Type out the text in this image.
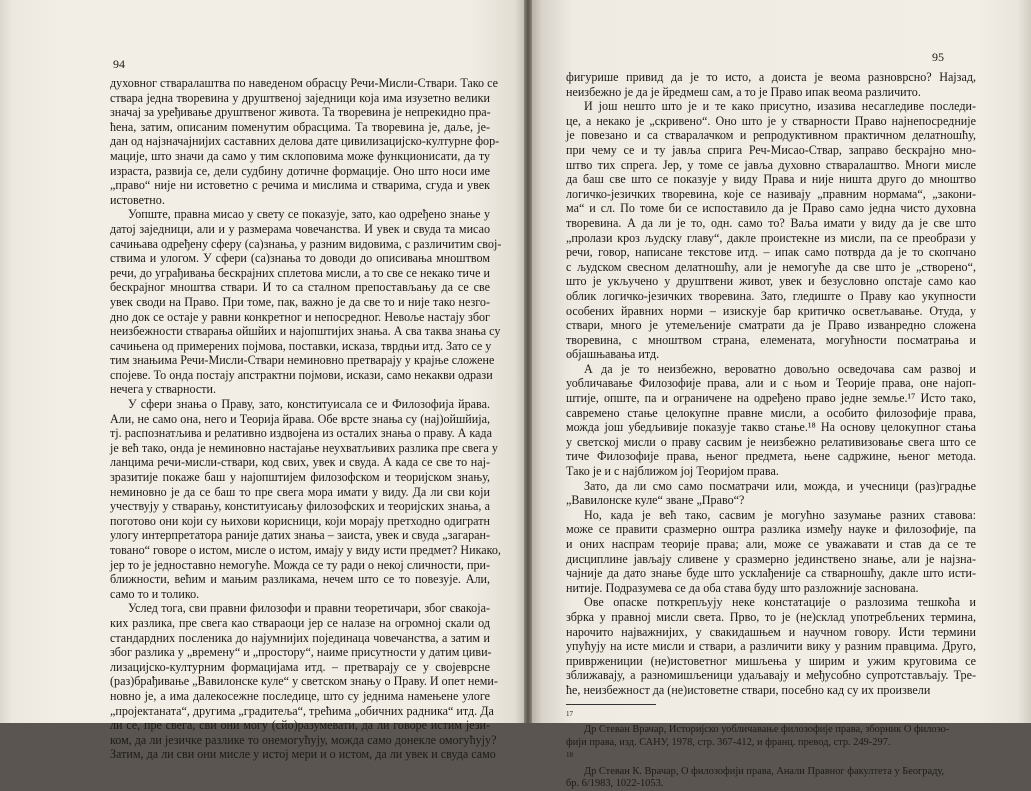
94
духовног стваралаштва по наведеном обрасцу Речи-Мисли-Ствари. Тако се
ствара једна творевина у друштвеној заједници која има изузетно велики
значај за уређивање друштвеног живота. Та творевина је непрекидно пра-
ћена, затим, описаним поменутим обрасцима. Та творевина је, даље, је-
дан од најзначајнијих саставних делова дате цивилизацијско-културне фор-
мације, што значи да само у тим склоповима може функционисати, да ту
израста, развија се, дели судбину дотичне формације. Оно што носи име
„право“ није ни истоветно с речима и мислима и стварима, сгуда и увек
истоветно.
Уопште, правна мисао у свету се показује, зато, као одређено знање у
датој заједници, али и у размерама човечанства. И увек и свуда та мисао
сачињава одређену сферу (са)знања, у разним видовима, с различитим свој-
ствима и улогом. У сфери (са)знања то доводи до описивања мноштвом
речи, до уграђивања бескрајних сплетова мисли, а то све се некако тиче и
бескрајног мноштва ствари. И то са сталном препостављању да се све
увек своди на Право. При томе, пак, важно је да све то и није тако незго-
дно док се остаје у равни конкретног и непосредног. Невоље настају због
неизбежности стварања ойшйих и најопштијих знања. А сва таква знања су
сачињена од примерених појмова, поставки, исказа, тврдњи итд. Зато се у
тим знањима Речи-Мисли-Ствари неминовно претварају у крајње сложене
спојеве. То онда постају апстрактни појмови, искази, само некакви одрази
нечега у стварности.
У сфери знања о Праву, зато, конституисала се и Филозофија йрава.
Али, не само она, него и Теорија йрава. Обе врсте знања су (нај)ойшйија,
тј. распознатљива и релативно издвојена из осталих знања о праву. А када
је већ тако, онда је неминовно настајање неухватљивих разлика пре свега у
ланцима речи-мисли-ствари, код свих, увек и свуда. А када се све то нај-
зразитије покаже баш у најопштијем филозофском и теоријском знању,
неминовно је да се баш то пре свега мора имати у виду. Да ли сви који
учествују у стварању, конституисању филозофских и теоријских знања, а
поготово они који су њихови корисници, који морају претходно одигратн
улогу интерпретатора раније датих знања – заиста, увек и свуда „загаран-
товано“ говоре о истом, мисле о истом, имају у виду исти предмет? Никако,
јер то је једноставно немогуће. Можда се ту ради о некој сличности, при-
ближности, већим и мањим разликама, нечем што се то повезује. Али,
само то и толико.
Услед тога, сви правни филозофи и правни теоретичари, због свакоја-
ких разлика, пре свега као ствараоци јер се налазе на огромној скали од
стандардних посленика до најумнијих појединаца човечанства, а затим и
због разлика у „времену“ и „простору“, наиме присутности у датим циви-
лизацијско-културним формацијама итд. – претварају се у својеврсне
(раз)брађивање „Вавилонске куле“ у светском знању о Праву. И опет неми-
новно је, а има далекосежне последице, што су једнима намењене улоге
„пројектаната“, другима „градитеља“, трећима „обичних радника“ итд. Да
ли се, пре свега, сви они могу (сйо)разумевати, да ли говоре истим јези-
ком, да ли језичке разлике то онемогућују, можда само донекле омогућују?
Затим, да ли сви они мисле у истој мери и о истом, да ли увек и свуда само
95
фигурише привид да је то исто, а доиста је веома разноврсно? Најзад,
неизбежно је да је йредмеш сам, а то је Право ипак веома различито.
И још нешто што је и те како присутно, изазива несагледиве последи-
це, а некако је „скривено“. Оно што је у стварности Право најнепосредније
је повезано и са стваралачком и репродуктивном практичном делатношћу,
при чему се и ту јавља сприга Реч-Мисао-Ствар, заправо бескрајно мно-
штво тих спрега. Јер, у томе се јавља духовно стваралаштво. Многи мисле
да баш све што се показује у виду Права и није ништа друго до мноштво
логичко-језичких творевина, које се називају „правним нормама“, „закони-
ма“ и сл. По томе би се испоставило да је Право само једна чисто духовна
творевина. А да ли је то, одн. само то? Ваља имати у виду да је све што
„пролази кроз људску главу“, дакле проистекне из мисли, па се преобрази у
речи, говор, написане текстове итд. – ипак само потврда да је то скопчано
с људском свесном делатношћу, али је немогуће да све што је „створено“,
што је укључено у друштвени живот, увек и безусловно опстаје само као
облик логичко-језичких творевина. Зато, гледиште о Праву као укупности
особених йравних норми – изискује бар критичко осветљавање. Отуда, у
ствари, много је утемељеније сматрати да је Право изванредно сложена
творевина, с мноштвом страна, елемената, могућности посматрања и
објашњавања итд.
А да је то неизбежно, вероватно довољно осведочава сам развој и
уобличавање Филозофије права, али и с њом и Теорије права, оне најоп-
штије, опште, па и ограничене на одређено право једне земље.¹⁷ Исто тако,
савремено стање целокупне правне мисли, а особито филозофије права,
можда још убедљивије показује такво стање.¹⁸ На основу целокупног стања
у светској мисли о праву сасвим је неизбежно релативизовање свега што се
тиче Филозофије права, њеног предмета, њене садржине, њеног метода.
Тако је и с најближом јој Теоријом права.
Зато, да ли смо само посматрачи или, можда, и учесници (раз)градње
„Вавилонске куле“ зване „Право“?
Но, када је већ тако, сасвим је могућно зазумање разних ставова:
може се правити сразмерно оштра разлика између науке и филозофије, па
и оних наспрам теорије права; али, може се уважавати и став да се те
дисциплине јављају сливене у сразмерно јединствено знање, али је најзна-
чајније да дато знање буде што усклађеније са стварношћу, дакле што исти-
нитије. Подразумева се да оба става буду што разложније заснована.
Ове опаске поткрепљују неке констатације о разлозима тешкоћа и
збрка у правној мисли света. Прво, то је (не)склад употребљених термина,
нарочито најважнијих, у свакидашњем и научном говору. Исти термини
упућују на исте мисли и ствари, а различити вику у разним правцима. Друго,
привржениции (не)истоветног мишљења у ширим и ужим круговима се
зближавају, а разномишљеници удаљавају и међусобно супротстављају. Тре-
ће, неизбежност да (не)истоветне ствари, посебно кад су их произвели
$^{17}$
Др Стеван Врачар, Историјско уобличавање филозофије права, зборник О филозо-
фији права, изд. САНУ, 1978, стр. 367-412, и франц. превод, стр. 249-297.
$^{18}$
Др Стеван К. Врачар, О филозофији права, Анали Правног факултета у Београду,
бр. 6/1983, 1022-1053.
